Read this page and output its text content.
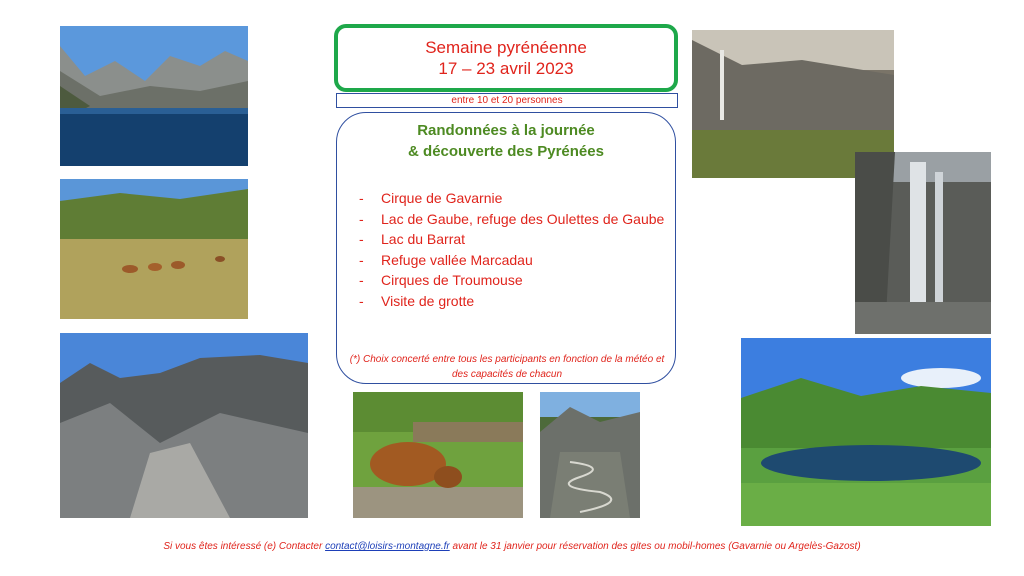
Semaine pyrénéenne
17 – 23 avril 2023
entre 10 et 20 personnes
Randonnées à la journée
& découverte des Pyrénées
- Cirque de Gavarnie
- Lac de Gaube, refuge des Oulettes de Gaube
- Lac du Barrat
- Refuge vallée Marcadau
- Cirques de Troumouse
- Visite de grotte
(*) Choix concerté entre tous les participants en fonction de la météo et des capacités de chacun
Si vous êtes intéressé (e) Contacter contact@loisirs-montagne.fr avant le 31 janvier pour réservation des gites ou mobil-homes (Gavarnie ou Argelès-Gazost)
